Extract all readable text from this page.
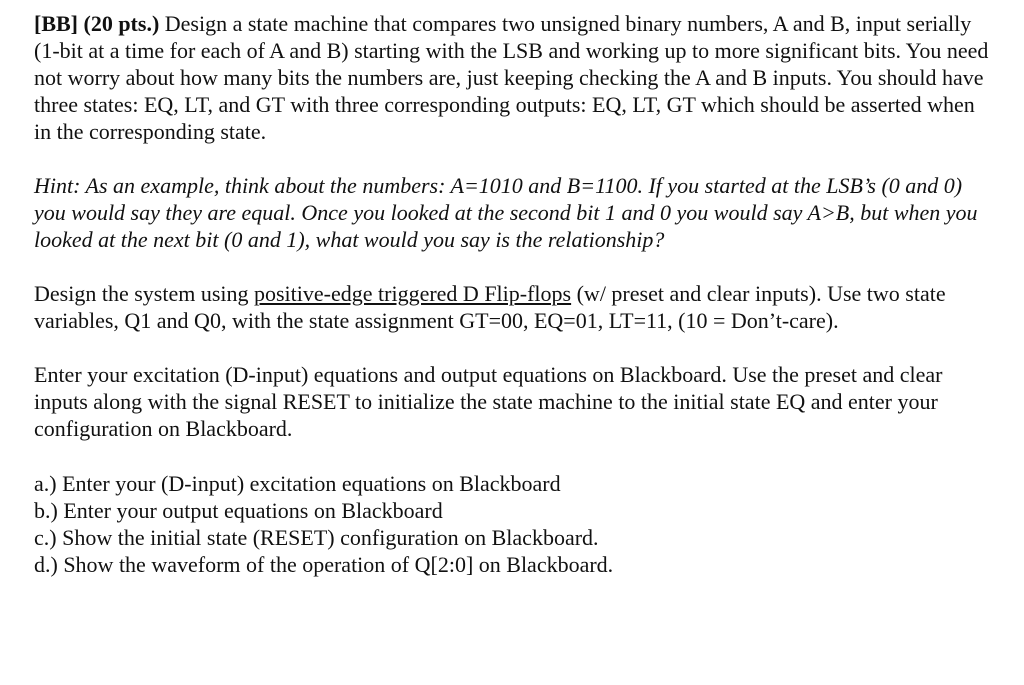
[BB] (20 pts.) Design a state machine that compares two unsigned binary numbers, A and B, input serially (1-bit at a time for each of A and B) starting with the LSB and working up to more significant bits. You need not worry about how many bits the numbers are, just keeping checking the A and B inputs. You should have three states: EQ, LT, and GT with three corresponding outputs: EQ, LT, GT which should be asserted when in the corresponding state.

Hint: As an example, think about the numbers: A=1010 and B=1100. If you started at the LSB’s (0 and 0) you would say they are equal. Once you looked at the second bit 1 and 0 you would say A>B, but when you looked at the next bit (0 and 1), what would you say is the relationship?

Design the system using positive-edge triggered D Flip-flops (w/ preset and clear inputs). Use two state variables, Q1 and Q0, with the state assignment GT=00, EQ=01, LT=11, (10 = Don’t-care).

Enter your excitation (D-input) equations and output equations on Blackboard. Use the preset and clear inputs along with the signal RESET to initialize the state machine to the initial state EQ and enter your configuration on Blackboard.

a.) Enter your (D-input) excitation equations on Blackboard
b.) Enter your output equations on Blackboard
c.) Show the initial state (RESET) configuration on Blackboard.
d.) Show the waveform of the operation of Q[2:0] on Blackboard.
